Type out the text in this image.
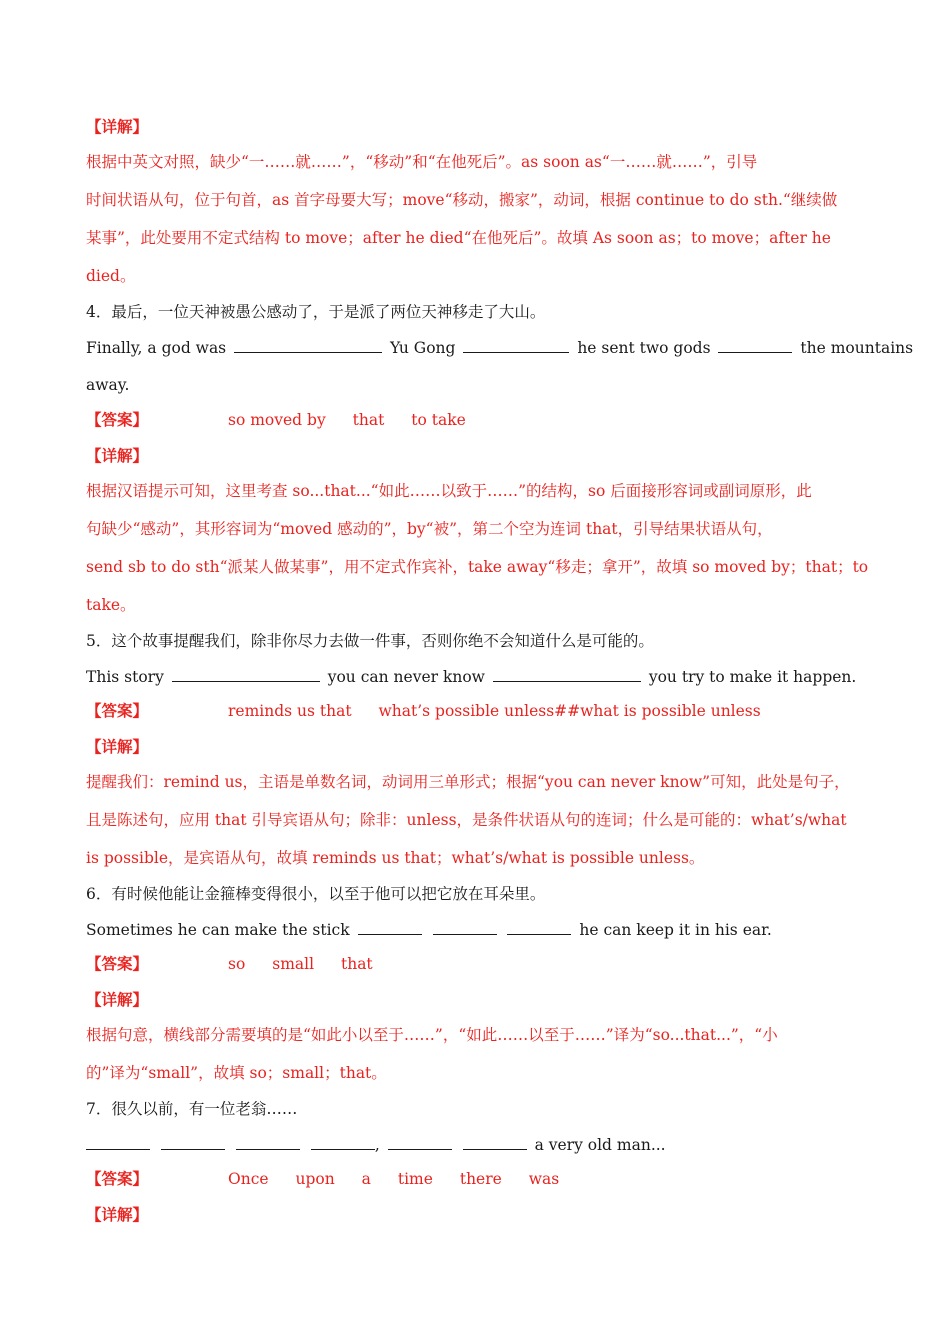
【详解】
根据中英文对照，缺少“一……就……”，“移动”和“在他死后”。as soon as“一……就……”，引导
时间状语从句，位于句首，as 首字母要大写；move“移动，搬家”，动词，根据 continue to do sth.“继续做
某事”，此处要用不定式结构 to move；after he died“在他死后”。故填 As soon as；to move；after he
died。
4．最后，一位天神被愚公感动了，于是派了两位天神移走了大山。
Finally, a god was	Yu Gong	he sent two gods	the mountains
away.
【答案】	so moved by that to take
【详解】
根据汉语提示可知，这里考查 so...that...“如此……以致于……”的结构，so 后面接形容词或副词原形，此
句缺少“感动”，其形容词为“moved 感动的”，by“被”，第二个空为连词 that，引导结果状语从句，
send sb to do sth“派某人做某事”，用不定式作宾补，take away“移走；拿开”，故填 so moved by；that；to
take。
5．这个故事提醒我们，除非你尽力去做一件事，否则你绝不会知道什么是可能的。
This story	you can never know	you try to make it happen.
【答案】	reminds us that what’s possible unless##what is possible unless
【详解】
提醒我们：remind us，主语是单数名词，动词用三单形式；根据“you can never know”可知，此处是句子，
且是陈述句，应用 that 引导宾语从句；除非：unless，是条件状语从句的连词；什么是可能的：what’s/what
is possible，是宾语从句，故填 reminds us that；what’s/what is possible unless。
6．有时候他能让金箍棒变得很小，以至于他可以把它放在耳朵里。
Sometimes he can make the stick	he can keep it in his ear.
【答案】	so small that
【详解】
根据句意，横线部分需要填的是“如此小以至于……”，“如此……以至于……”译为“so...that...”，“小
的”译为“small”，故填 so；small；that。
7．很久以前，有一位老翁……
,	a very old man...
【答案】	Once upon a time there was
【详解】
